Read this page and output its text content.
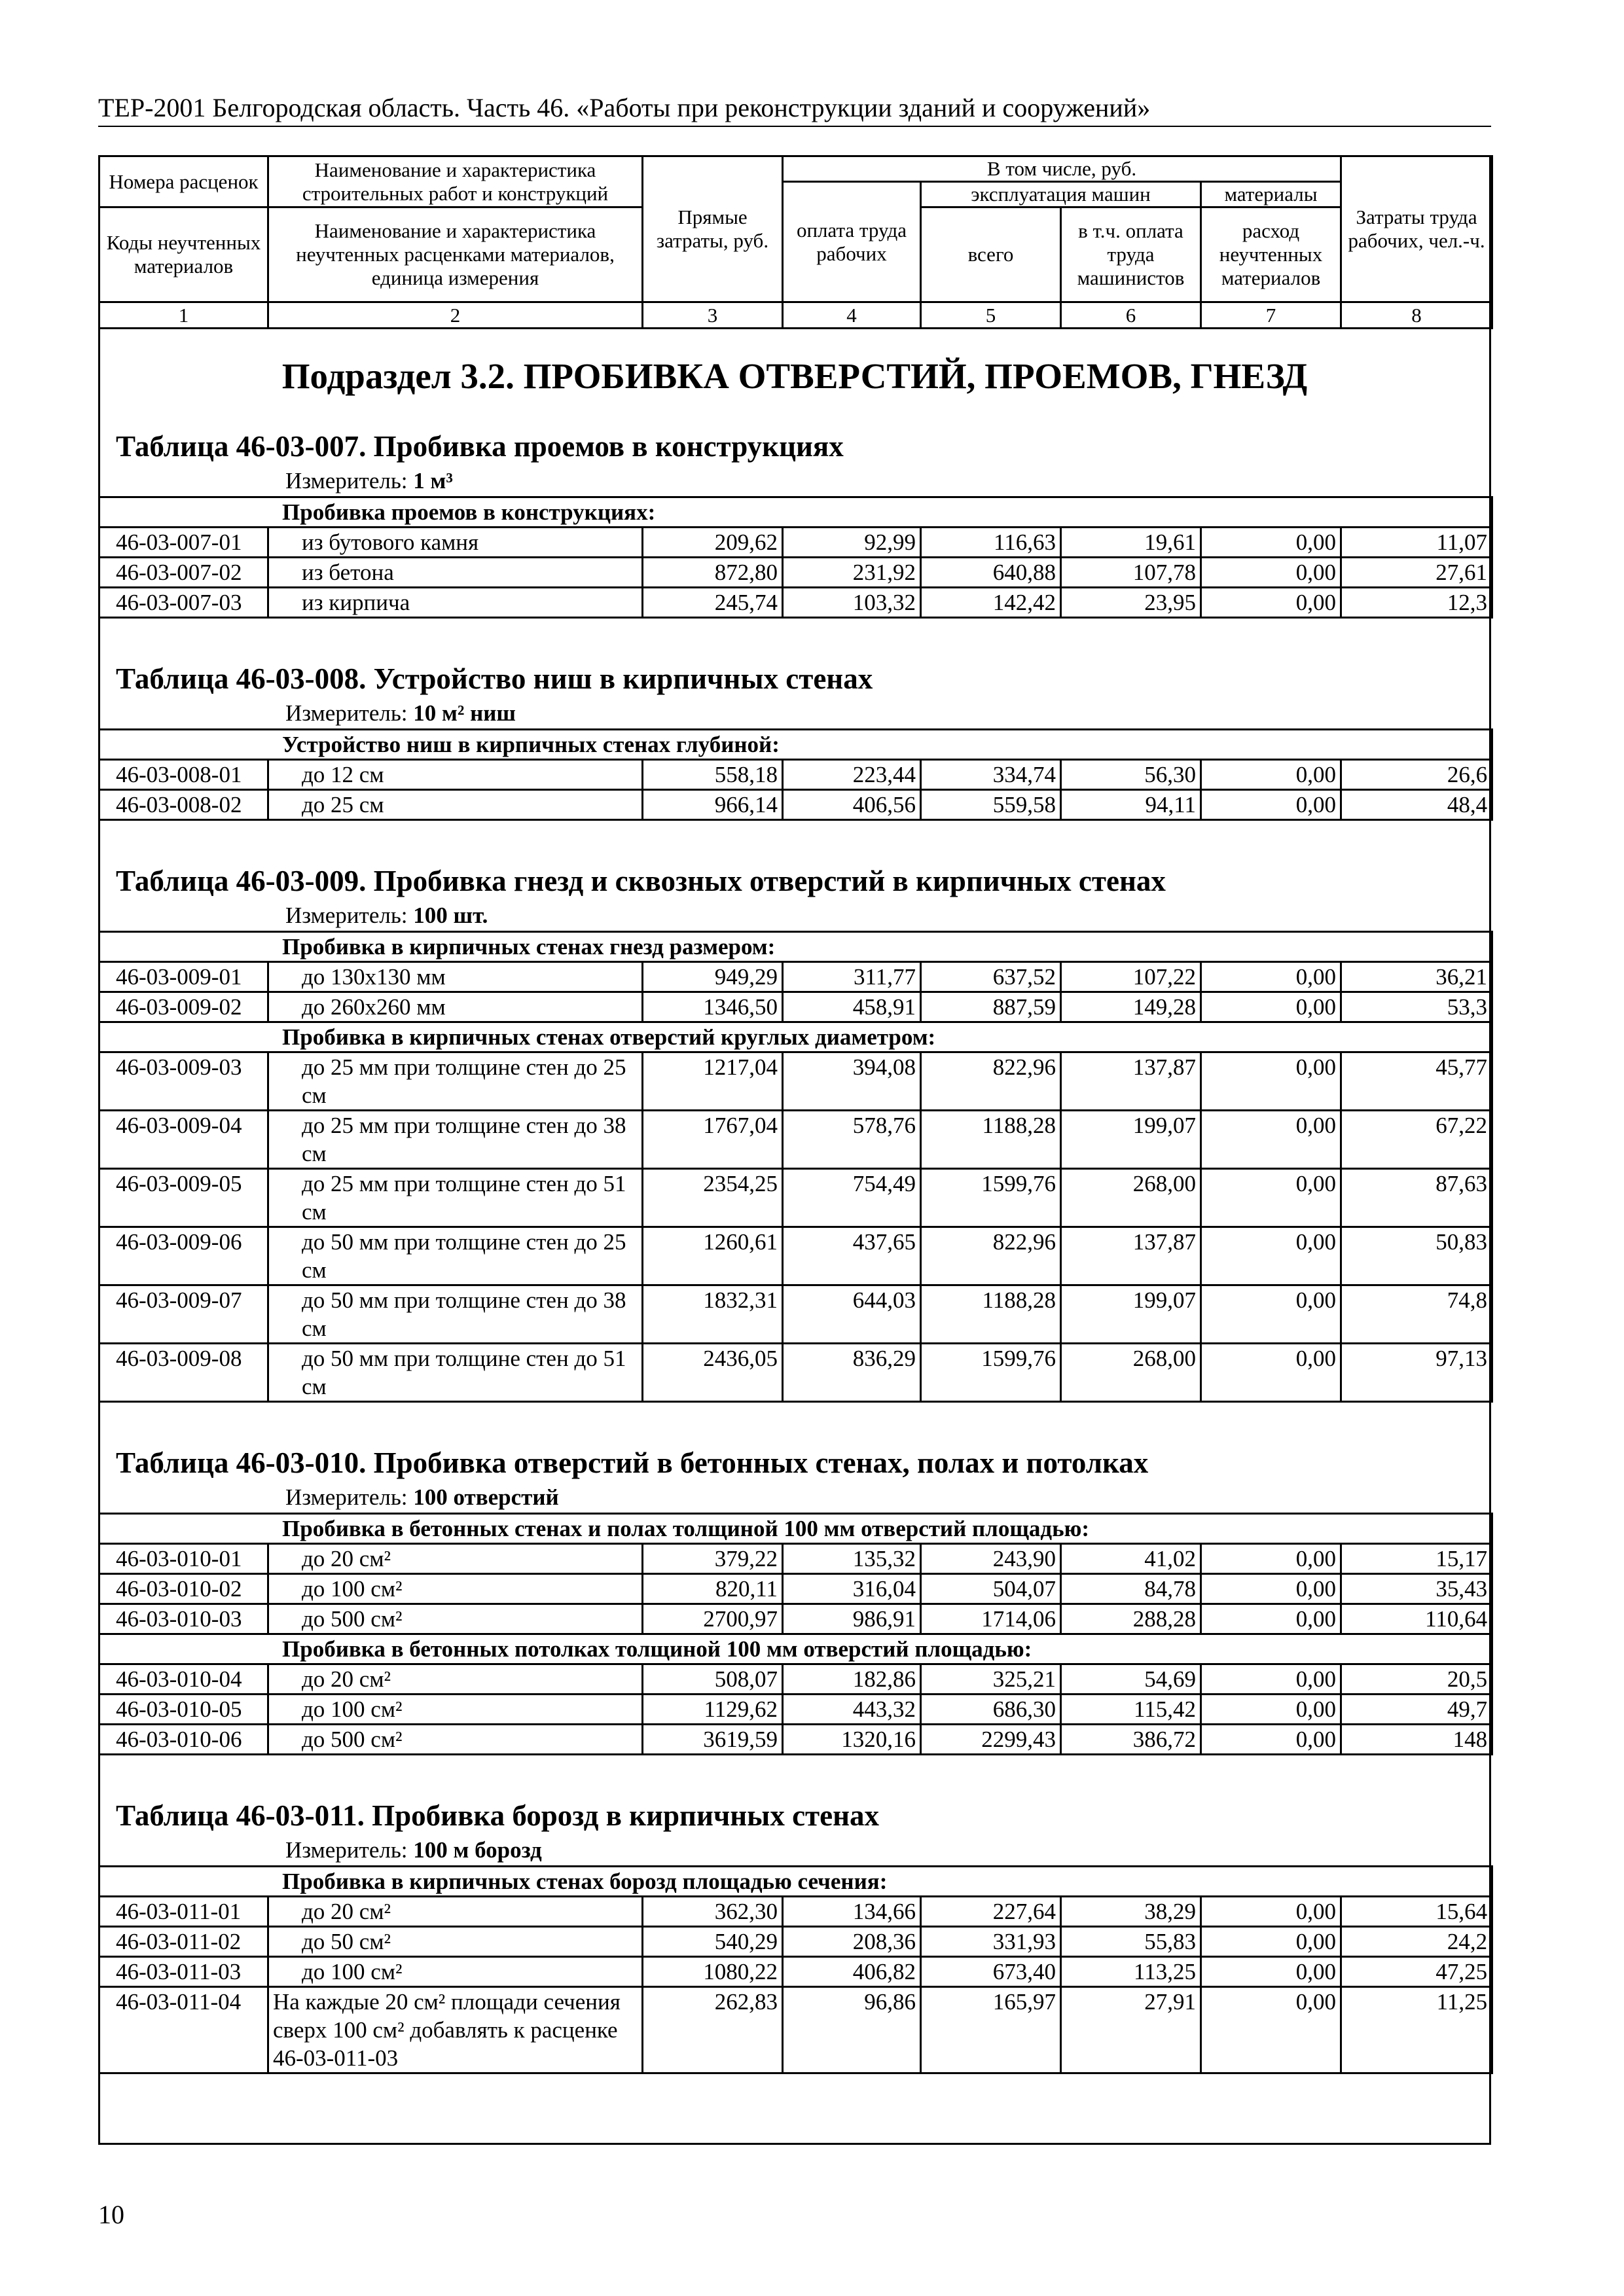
ТЕР-2001 Белгородская область. Часть 46. «Работы при реконструкции зданий и сооружений»
Номера расценок	Наименование и характеристика строительных работ и конструкций	Прямые затраты, руб.	В том числе, руб.				Затраты труда рабочих, чел.-ч.
			оплата труда рабочих	эксплуатация машин		материалы	
Коды неучтенных материалов	Наименование и характеристика неучтенных расценками материалов, единица измерения			всего	в т.ч. оплата труда машинистов	расход неучтенных материалов	
1	2	3	4	5	6	7	8
Подраздел 3.2. ПРОБИВКА ОТВЕРСТИЙ, ПРОЕМОВ, ГНЕЗД
Таблица 46-03-007. Пробивка проемов в конструкциях
Измеритель: 1 м³
Пробивка проемов в конструкциях:							
46-03-007-01	из бутового камня	209,62	92,99	116,63	19,61	0,00	11,07
46-03-007-02	из бетона	872,80	231,92	640,88	107,78	0,00	27,61
46-03-007-03	из кирпича	245,74	103,32	142,42	23,95	0,00	12,3
Таблица 46-03-008. Устройство ниш в кирпичных стенах
Измеритель: 10 м² ниш
Устройство ниш в кирпичных стенах глубиной:							
46-03-008-01	до 12 см	558,18	223,44	334,74	56,30	0,00	26,6
46-03-008-02	до 25 см	966,14	406,56	559,58	94,11	0,00	48,4
Таблица 46-03-009. Пробивка гнезд и сквозных отверстий в кирпичных стенах
Измеритель: 100 шт.
Пробивка в кирпичных стенах гнезд размером:							
46-03-009-01	до 130х130 мм	949,29	311,77	637,52	107,22	0,00	36,21
46-03-009-02	до 260х260 мм	1346,50	458,91	887,59	149,28	0,00	53,3
Пробивка в кирпичных стенах отверстий круглых диаметром:							
46-03-009-03	до 25 мм при толщине стен до 25 см	1217,04	394,08	822,96	137,87	0,00	45,77
46-03-009-04	до 25 мм при толщине стен до 38 см	1767,04	578,76	1188,28	199,07	0,00	67,22
46-03-009-05	до 25 мм при толщине стен до 51 см	2354,25	754,49	1599,76	268,00	0,00	87,63
46-03-009-06	до 50 мм при толщине стен до 25 см	1260,61	437,65	822,96	137,87	0,00	50,83
46-03-009-07	до 50 мм при толщине стен до 38 см	1832,31	644,03	1188,28	199,07	0,00	74,8
46-03-009-08	до 50 мм при толщине стен до 51 см	2436,05	836,29	1599,76	268,00	0,00	97,13
Таблица 46-03-010. Пробивка отверстий в бетонных стенах, полах и потолках
Измеритель: 100 отверстий
Пробивка в бетонных стенах и полах толщиной 100 мм отверстий площадью:							
46-03-010-01	до 20 см²	379,22	135,32	243,90	41,02	0,00	15,17
46-03-010-02	до 100 см²	820,11	316,04	504,07	84,78	0,00	35,43
46-03-010-03	до 500 см²	2700,97	986,91	1714,06	288,28	0,00	110,64
Пробивка в бетонных потолках толщиной 100 мм отверстий площадью:							
46-03-010-04	до 20 см²	508,07	182,86	325,21	54,69	0,00	20,5
46-03-010-05	до 100 см²	1129,62	443,32	686,30	115,42	0,00	49,7
46-03-010-06	до 500 см²	3619,59	1320,16	2299,43	386,72	0,00	148
Таблица 46-03-011. Пробивка борозд в кирпичных стенах
Измеритель: 100 м борозд
Пробивка в кирпичных стенах борозд площадью сечения:							
46-03-011-01	до 20 см²	362,30	134,66	227,64	38,29	0,00	15,64
46-03-011-02	до 50 см²	540,29	208,36	331,93	55,83	0,00	24,2
46-03-011-03	до 100 см²	1080,22	406,82	673,40	113,25	0,00	47,25
46-03-011-04	На каждые 20 см² площади сечения сверх 100 см² добавлять к расценке 46-03-011-03	262,83	96,86	165,97	27,91	0,00	11,25
10
